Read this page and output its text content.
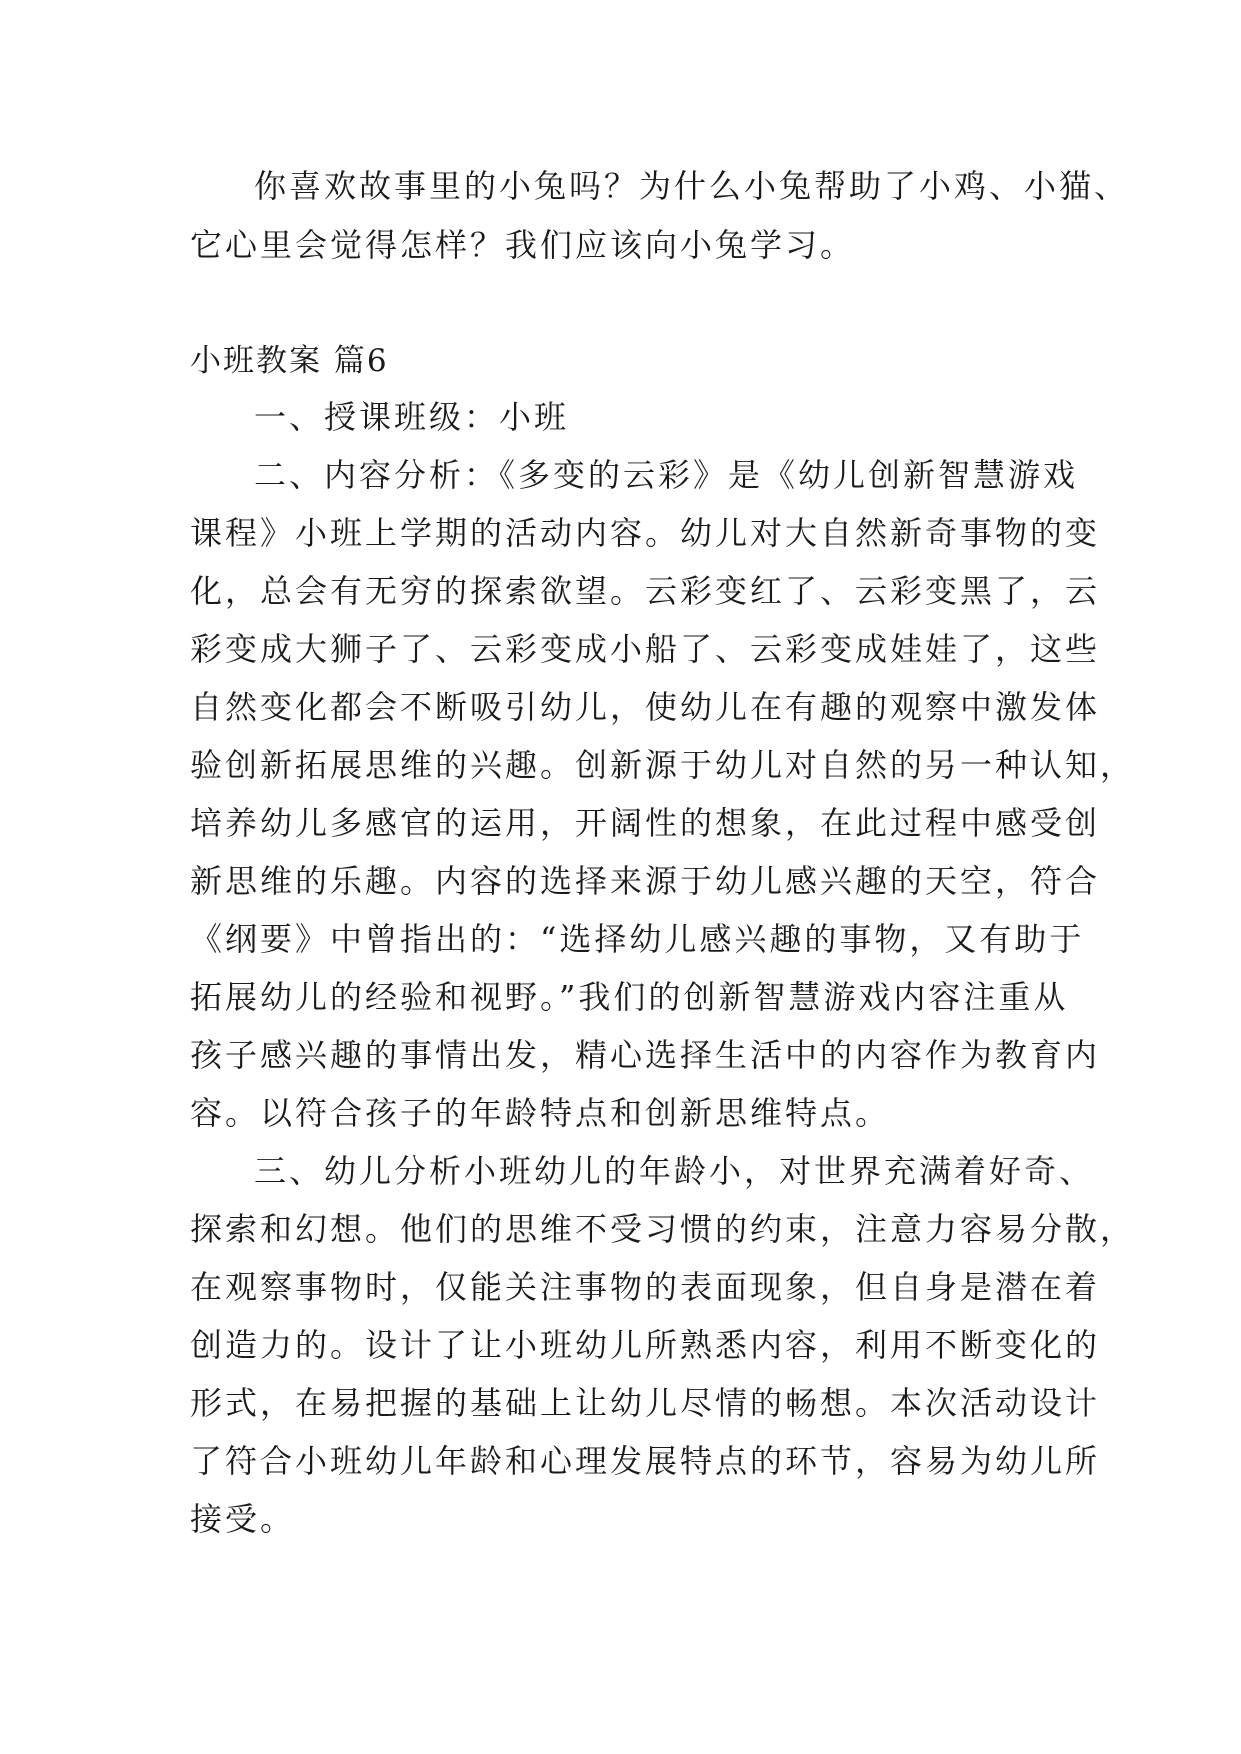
你喜欢故事里的小兔吗？为什么小兔帮助了小鸡、小猫、

它心里会觉得怎样？我们应该向小兔学习。

小班教案 篇6

一、授课班级：小班

二、内容分析：《多变的云彩》是《幼儿创新智慧游戏

课程》小班上学期的活动内容。幼儿对大自然新奇事物的变

化，总会有无穷的探索欲望。云彩变红了、云彩变黑了，云

彩变成大狮子了、云彩变成小船了、云彩变成娃娃了，这些

自然变化都会不断吸引幼儿，使幼儿在有趣的观察中激发体

验创新拓展思维的兴趣。创新源于幼儿对自然的另一种认知，

培养幼儿多感官的运用，开阔性的想象，在此过程中感受创

新思维的乐趣。内容的选择来源于幼儿感兴趣的天空，符合

《纲要》中曾指出的：“选择幼儿感兴趣的事物，又有助于

拓展幼儿的经验和视野。”我们的创新智慧游戏内容注重从

孩子感兴趣的事情出发，精心选择生活中的内容作为教育内

容。以符合孩子的年龄特点和创新思维特点。

三、幼儿分析小班幼儿的年龄小，对世界充满着好奇、

探索和幻想。他们的思维不受习惯的约束，注意力容易分散，

在观察事物时，仅能关注事物的表面现象，但自身是潜在着

创造力的。设计了让小班幼儿所熟悉内容，利用不断变化的

形式，在易把握的基础上让幼儿尽情的畅想。本次活动设计

了符合小班幼儿年龄和心理发展特点的环节，容易为幼儿所

接受。
